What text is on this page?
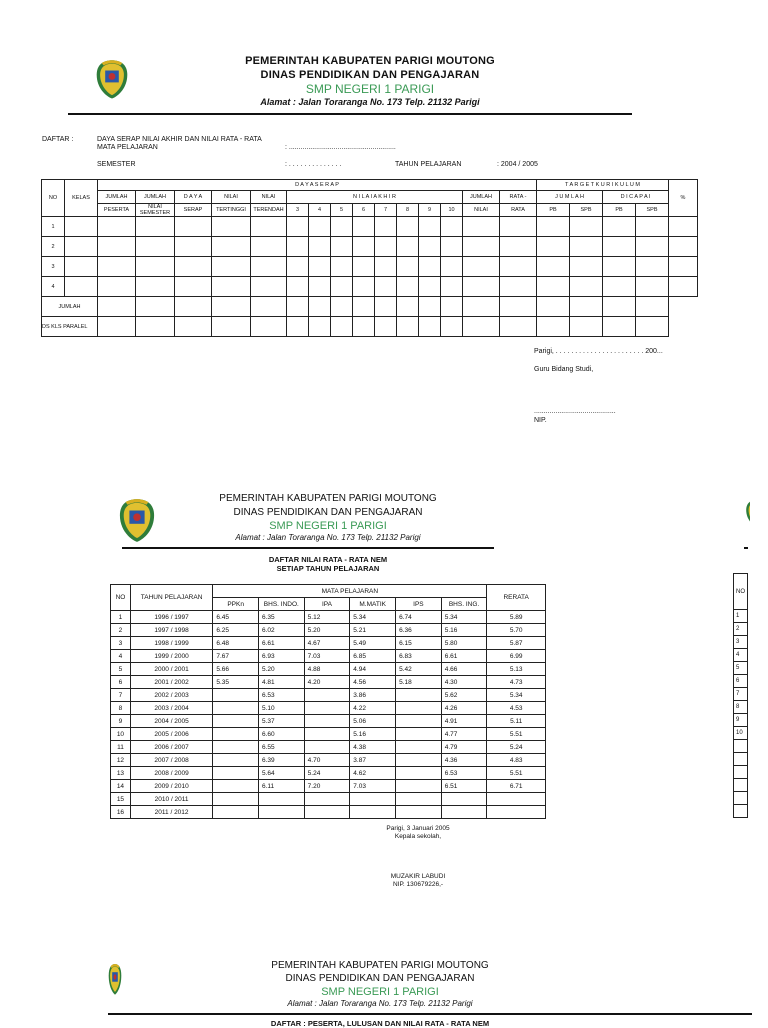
PEMERINTAH KABUPATEN PARIGI MOUTONG
DINAS PENDIDIKAN DAN PENGAJARAN
SMP NEGERI 1 PARIGI
Alamat : Jalan Toraranga No. 173 Telp. 21132 Parigi
DAFTAR :	DAYA SERAP NILAI AKHIR DAN NILAI RATA - RATA
MATA PELAJARAN	: .......................................................
SEMESTER	: . . . . . . . . . . . . . .	TAHUN PELAJARAN	: 2004 / 2005
NO	KELAS	D A Y A S E R A P															T A R G E T K U R I K U L U M				%
		JUMLAH	JUMLAH	D A Y A	NILAI	NILAI	N I L A I A K H I R								JUMLAH	RATA -	J U M L A H		D I C A P A I		
		PESERTA	NILAI SEMESTER	SERAP	TERTINGGI	TERENDAH	3	4	5	6	7	8	9	10	NILAI	RATA	PB	SPB	PB	SPB	
1																					
2																					
3																					
4																					
JUMLAH																					
DS KLS PARALEL																					
Parigi, . . . . . . . . . . . . . . . . . . . . . . . 200...
Guru Bidang Studi,
..........................................
NIP.
PEMERINTAH KABUPATEN PARIGI MOUTONG
DINAS PENDIDIKAN DAN PENGAJARAN
SMP NEGERI 1 PARIGI
Alamat : Jalan Toraranga No. 173 Telp. 21132 Parigi
DAFTAR NILAI RATA - RATA NEM
SETIAP TAHUN PELAJARAN
NO	TAHUN PELAJARAN	MATA PELAJARAN						RERATA
		PPKn	BHS. INDO.	IPA	M.MATIK	IPS	BHS. ING.	
1	1996 / 1997	6.45	6.35	5.12	5.34	6.74	5.34	5.89
2	1997 / 1998	6.25	6.02	5.20	5.21	6.36	5.16	5.70
3	1998 / 1999	6.48	6.61	4.67	5.49	6.15	5.80	5.87
4	1999 / 2000	7.67	6.93	7.03	6.85	6.83	6.61	6.99
5	2000 / 2001	5.66	5.20	4.88	4.94	5.42	4.66	5.13
6	2001 / 2002	5.35	4.81	4.20	4.56	5.18	4.30	4.73
7	2002 / 2003		6.53		3.86		5.62	5.34
8	2003 / 2004		5.10		4.22		4.26	4.53
9	2004 / 2005		5.37		5.06		4.91	5.11
10	2005 / 2006		6.60		5.16		4.77	5.51
11	2006 / 2007		6.55		4.38		4.79	5.24
12	2007 / 2008		6.39	4.70	3.87		4.36	4.83
13	2008 / 2009		5.64	5.24	4.62		6.53	5.51
14	2009 / 2010		6.11	7.20	7.03		6.51	6.71
15	2010 / 2011							
16	2011 / 2012							
Parigi, 3 Januari 2005
Kepala sekolah,
MUZAKIR LABUDI
NIP. 130679226,-
NO
1
2
3
4
5
6
7
8
9
10

PEMERINTAH KABUPATEN PARIGI MOUTONG
DINAS PENDIDIKAN DAN PENGAJARAN
SMP NEGERI 1 PARIGI
Alamat : Jalan Toraranga No. 173 Telp. 21132 Parigi
DAFTAR : PESERTA, LULUSAN DAN NILAI RATA - RATA NEM
